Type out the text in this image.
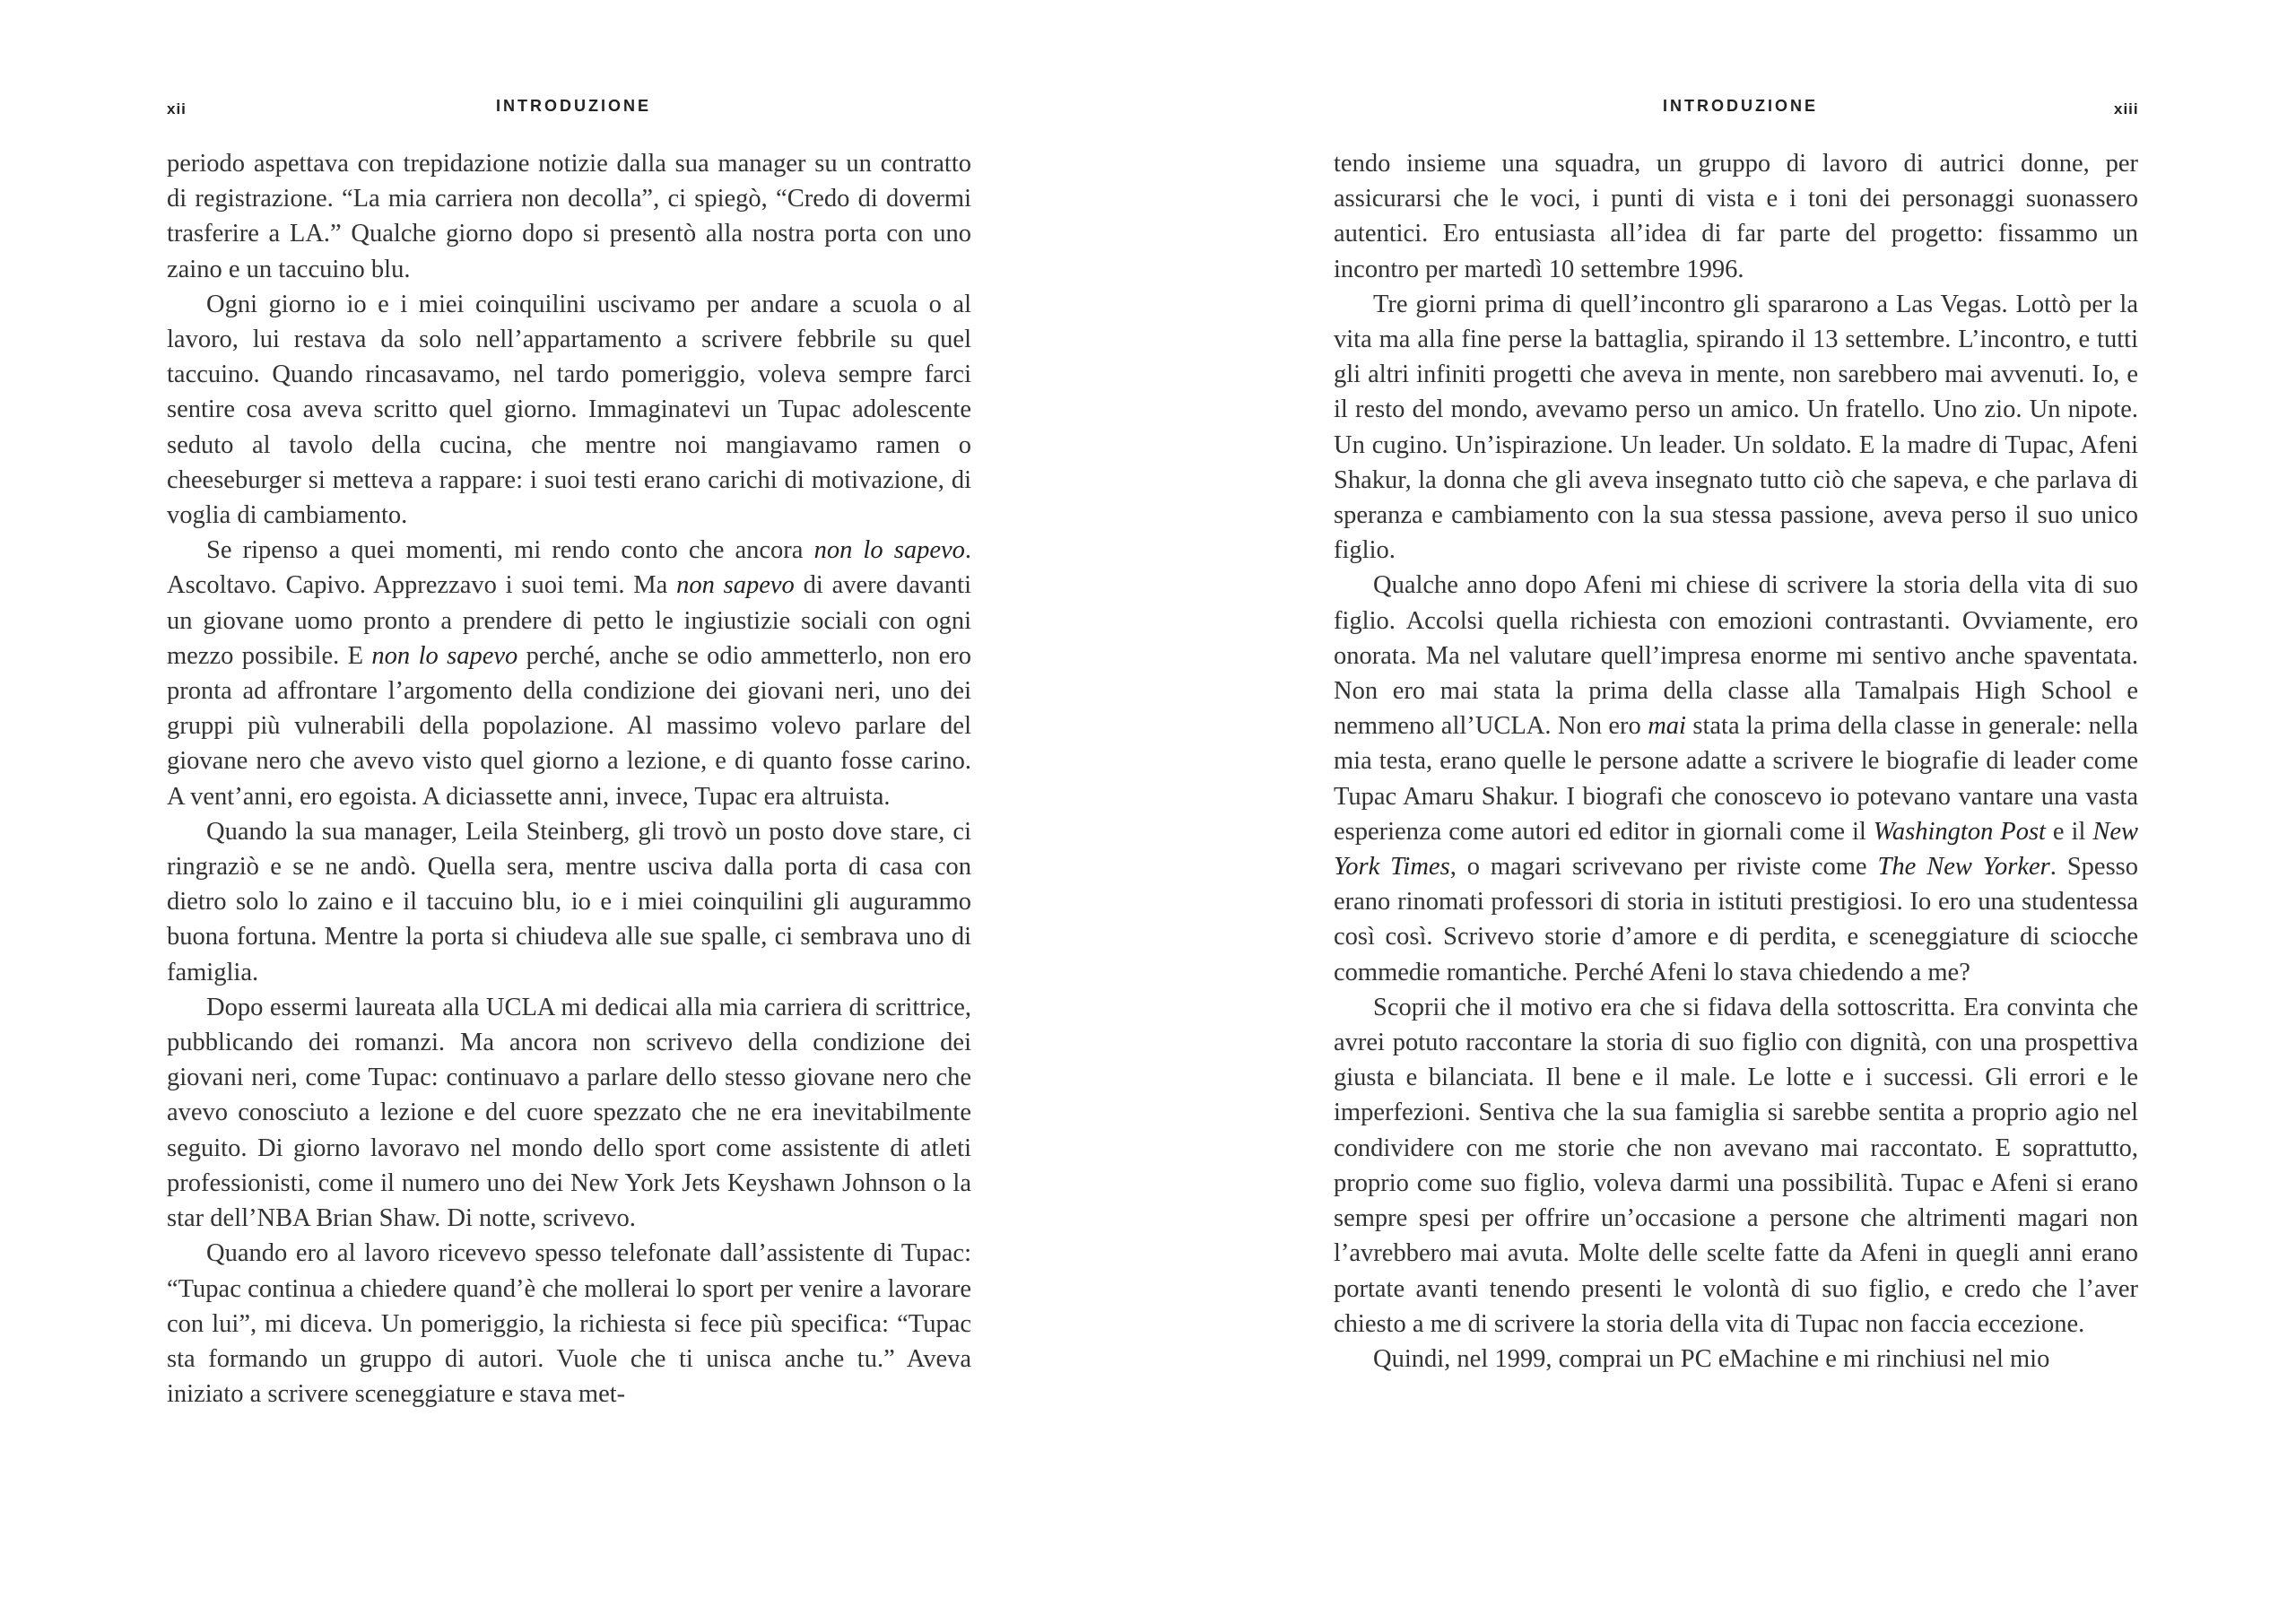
xii	INTRODUZIONE

periodo aspettava con trepidazione notizie dalla sua manager su un contratto di registrazione. “La mia carriera non decolla”, ci spiegò, “Credo di dovermi trasferire a LA.” Qualche giorno dopo si presentò alla nostra porta con uno zaino e un taccuino blu.

Ogni giorno io e i miei coinquilini uscivamo per andare a scuola o al lavoro, lui restava da solo nell’appartamento a scrivere febbrile su quel taccuino. Quando rincasavamo, nel tardo pomeriggio, voleva sempre farci sentire cosa aveva scritto quel giorno. Immaginatevi un Tupac adolescente seduto al tavolo della cucina, che mentre noi mangiavamo ramen o cheeseburger si metteva a rappare: i suoi testi erano carichi di motivazione, di voglia di cambiamento.

Se ripenso a quei momenti, mi rendo conto che ancora non lo sapevo. Ascoltavo. Capivo. Apprezzavo i suoi temi. Ma non sapevo di avere davanti un giovane uomo pronto a prendere di petto le ingiustizie sociali con ogni mezzo possibile. E non lo sapevo perché, anche se odio ammetterlo, non ero pronta ad affrontare l’argomento della condizione dei giovani neri, uno dei gruppi più vulnerabili della popolazione. Al massimo volevo parlare del giovane nero che avevo visto quel giorno a lezione, e di quanto fosse carino. A vent’anni, ero egoista. A diciassette anni, invece, Tupac era altruista.

Quando la sua manager, Leila Steinberg, gli trovò un posto dove stare, ci ringraziò e se ne andò. Quella sera, mentre usciva dalla porta di casa con dietro solo lo zaino e il taccuino blu, io e i miei coinquilini gli augurammo buona fortuna. Mentre la porta si chiudeva alle sue spalle, ci sembrava uno di famiglia.

Dopo essermi laureata alla UCLA mi dedicai alla mia carriera di scrittrice, pubblicando dei romanzi. Ma ancora non scrivevo della condizione dei giovani neri, come Tupac: continuavo a parlare dello stesso giovane nero che avevo conosciuto a lezione e del cuore spezzato che ne era inevitabilmente seguito. Di giorno lavoravo nel mondo dello sport come assistente di atleti professionisti, come il numero uno dei New York Jets Keyshawn Johnson o la star dell’NBA Brian Shaw. Di notte, scrivevo.

Quando ero al lavoro ricevevo spesso telefonate dall’assistente di Tupac: “Tupac continua a chiedere quand’è che mollerai lo sport per venire a lavorare con lui”, mi diceva. Un pomeriggio, la richiesta si fece più specifica: “Tupac sta formando un gruppo di autori. Vuole che ti unisca anche tu.” Aveva iniziato a scrivere sceneggiature e stava met-

INTRODUZIONE	xiii

tendo insieme una squadra, un gruppo di lavoro di autrici donne, per assicurarsi che le voci, i punti di vista e i toni dei personaggi suonassero autentici. Ero entusiasta all’idea di far parte del progetto: fissammo un incontro per martedì 10 settembre 1996.

Tre giorni prima di quell’incontro gli spararono a Las Vegas. Lottò per la vita ma alla fine perse la battaglia, spirando il 13 settembre. L’incontro, e tutti gli altri infiniti progetti che aveva in mente, non sarebbero mai avvenuti. Io, e il resto del mondo, avevamo perso un amico. Un fratello. Uno zio. Un nipote. Un cugino. Un’ispirazione. Un leader. Un soldato. E la madre di Tupac, Afeni Shakur, la donna che gli aveva insegnato tutto ciò che sapeva, e che parlava di speranza e cambiamento con la sua stessa passione, aveva perso il suo unico figlio.

Qualche anno dopo Afeni mi chiese di scrivere la storia della vita di suo figlio. Accolsi quella richiesta con emozioni contrastanti. Ovviamente, ero onorata. Ma nel valutare quell’impresa enorme mi sentivo anche spaventata. Non ero mai stata la prima della classe alla Tamalpais High School e nemmeno all’UCLA. Non ero mai stata la prima della classe in generale: nella mia testa, erano quelle le persone adatte a scrivere le biografie di leader come Tupac Amaru Shakur. I biografi che conoscevo io potevano vantare una vasta esperienza come autori ed editor in giornali come il Washington Post e il New York Times, o magari scrivevano per riviste come The New Yorker. Spesso erano rinomati professori di storia in istituti prestigiosi. Io ero una studentessa così così. Scrivevo storie d’amore e di perdita, e sceneggiature di sciocche commedie romantiche. Perché Afeni lo stava chiedendo a me?

Scoprii che il motivo era che si fidava della sottoscritta. Era convinta che avrei potuto raccontare la storia di suo figlio con dignità, con una prospettiva giusta e bilanciata. Il bene e il male. Le lotte e i successi. Gli errori e le imperfezioni. Sentiva che la sua famiglia si sarebbe sentita a proprio agio nel condividere con me storie che non avevano mai raccontato. E soprattutto, proprio come suo figlio, voleva darmi una possibilità. Tupac e Afeni si erano sempre spesi per offrire un’occasione a persone che altrimenti magari non l’avrebbero mai avuta. Molte delle scelte fatte da Afeni in quegli anni erano portate avanti tenendo presenti le volontà di suo figlio, e credo che l’aver chiesto a me di scrivere la storia della vita di Tupac non faccia eccezione.

Quindi, nel 1999, comprai un PC eMachine e mi rinchiusi nel mio
